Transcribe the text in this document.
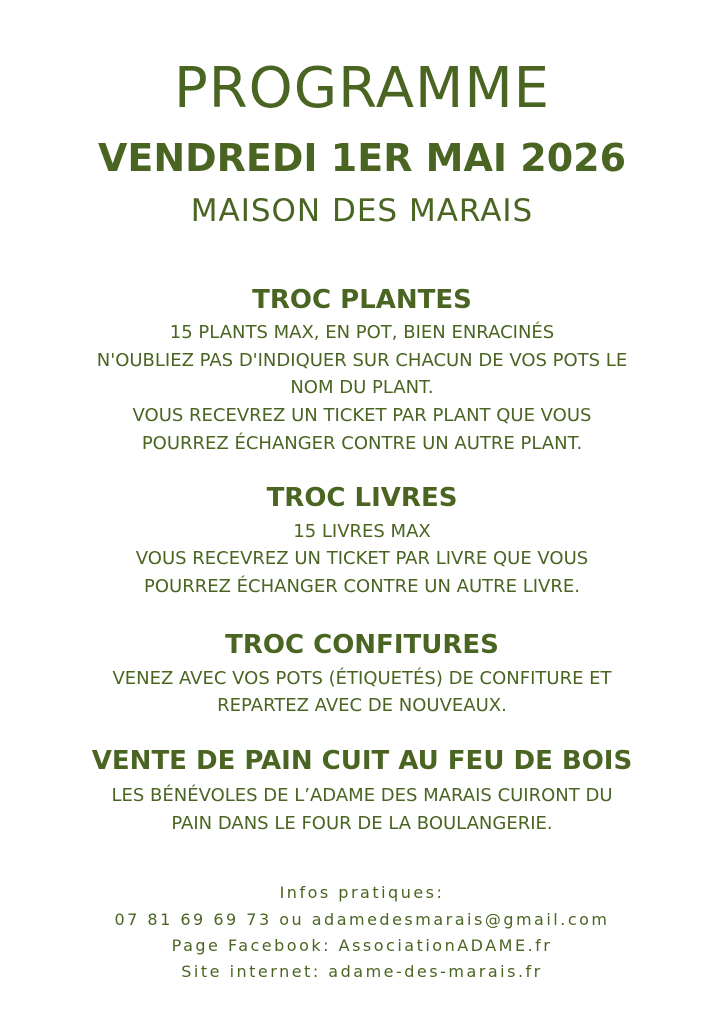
PROGRAMME
VENDREDI 1ER MAI 2026
MAISON DES MARAIS
TROC PLANTES
15 PLANTS MAX, EN POT, BIEN ENRACINÉS
N'OUBLIEZ PAS D'INDIQUER SUR CHACUN DE VOS POTS LE
NOM DU PLANT.
VOUS RECEVREZ UN TICKET PAR PLANT QUE VOUS
POURREZ ÉCHANGER CONTRE UN AUTRE PLANT.
TROC LIVRES
15 LIVRES MAX
VOUS RECEVREZ UN TICKET PAR LIVRE QUE VOUS
POURREZ ÉCHANGER CONTRE UN AUTRE LIVRE.
TROC CONFITURES
VENEZ AVEC VOS POTS (ÉTIQUETÉS) DE CONFITURE ET
REPARTEZ AVEC DE NOUVEAUX.
VENTE DE PAIN CUIT AU FEU DE BOIS
LES BÉNÉVOLES DE L’ADAME DES MARAIS CUIRONT DU
PAIN DANS LE FOUR DE LA BOULANGERIE.
Infos pratiques:
07 81 69 69 73 ou adamedesmarais@gmail.com
Page Facebook: AssociationADAME.fr
Site internet: adame-des-marais.fr
